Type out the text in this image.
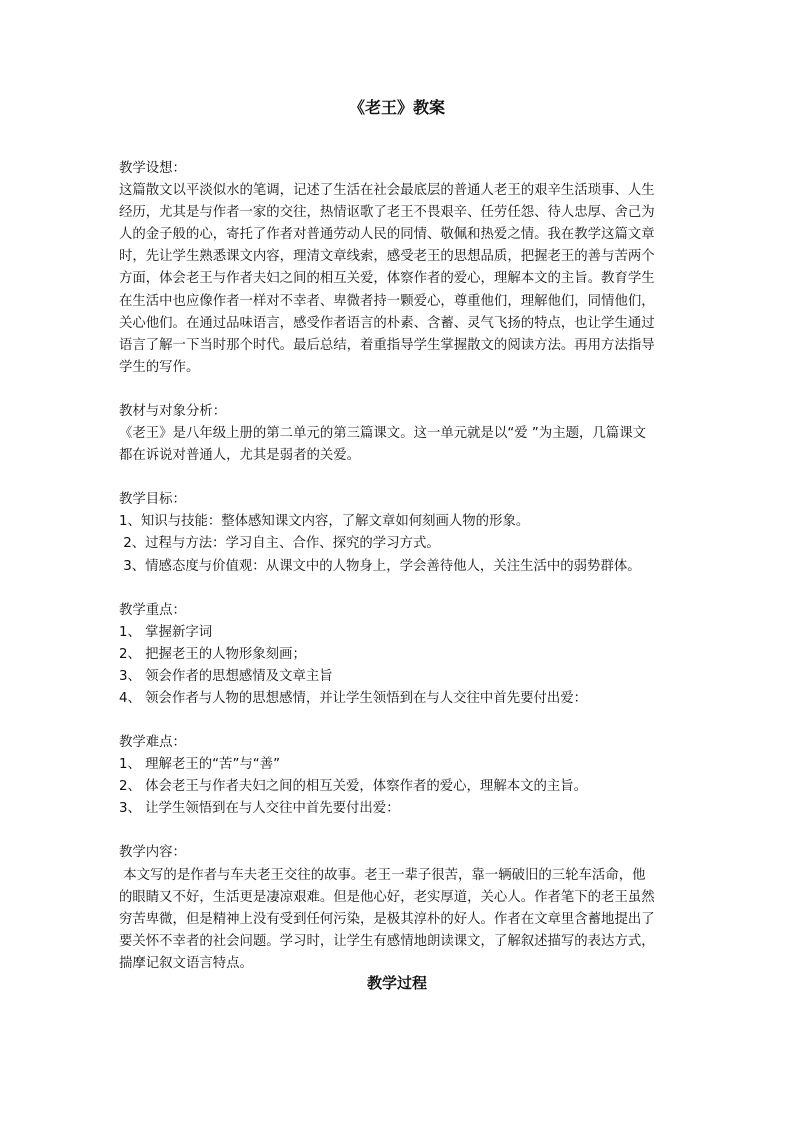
《老王》教案
教学设想：
这篇散文以平淡似水的笔调，记述了生活在社会最底层的普通人老王的艰辛生活琐事、人生
经历，尤其是与作者一家的交往，热情讴歌了老王不畏艰辛、任劳任怨、待人忠厚、舍己为
人的金子般的心，寄托了作者对普通劳动人民的同情、敬佩和热爱之情。我在教学这篇文章
时，先让学生熟悉课文内容，理清文章线索，感受老王的思想品质，把握老王的善与苦两个
方面，体会老王与作者夫妇之间的相互关爱，体察作者的爱心，理解本文的主旨。教育学生
在生活中也应像作者一样对不幸者、卑微者持一颗爱心，尊重他们，理解他们，同情他们，
关心他们。在通过品味语言，感受作者语言的朴素、含蓄、灵气飞扬的特点，也让学生通过
语言了解一下当时那个时代。最后总结，着重指导学生掌握散文的阅读方法。再用方法指导
学生的写作。
教材与对象分析：
《老王》是八年级上册的第二单元的第三篇课文。这一单元就是以“爱 ”为主题，几篇课文
都在诉说对普通人，尤其是弱者的关爱。
教学目标：
1、知识与技能：整体感知课文内容，了解文章如何刻画人物的形象。
2、过程与方法：学习自主、合作、探究的学习方式。
3、情感态度与价值观：从课文中的人物身上，学会善待他人，关注生活中的弱势群体。
教学重点：
1、 掌握新字词
2、 把握老王的人物形象刻画；
3、 领会作者的思想感情及文章主旨
4、 领会作者与人物的思想感情，并让学生领悟到在与人交往中首先要付出爱：
教学难点：
1、 理解老王的“苦”与“善”
2、 体会老王与作者夫妇之间的相互关爱，体察作者的爱心，理解本文的主旨。
3、 让学生领悟到在与人交往中首先要付出爱：
教学内容：
本文写的是作者与车夫老王交往的故事。老王一辈子很苦，靠一辆破旧的三轮车活命，他
的眼睛又不好，生活更是凄凉艰难。但是他心好，老实厚道，关心人。作者笔下的老王虽然
穷苦卑微，但是精神上没有受到任何污染，是极其淳朴的好人。作者在文章里含蓄地提出了
要关怀不幸者的社会问题。学习时，让学生有感情地朗读课文，了解叙述描写的表达方式，
揣摩记叙文语言特点。
教学过程
